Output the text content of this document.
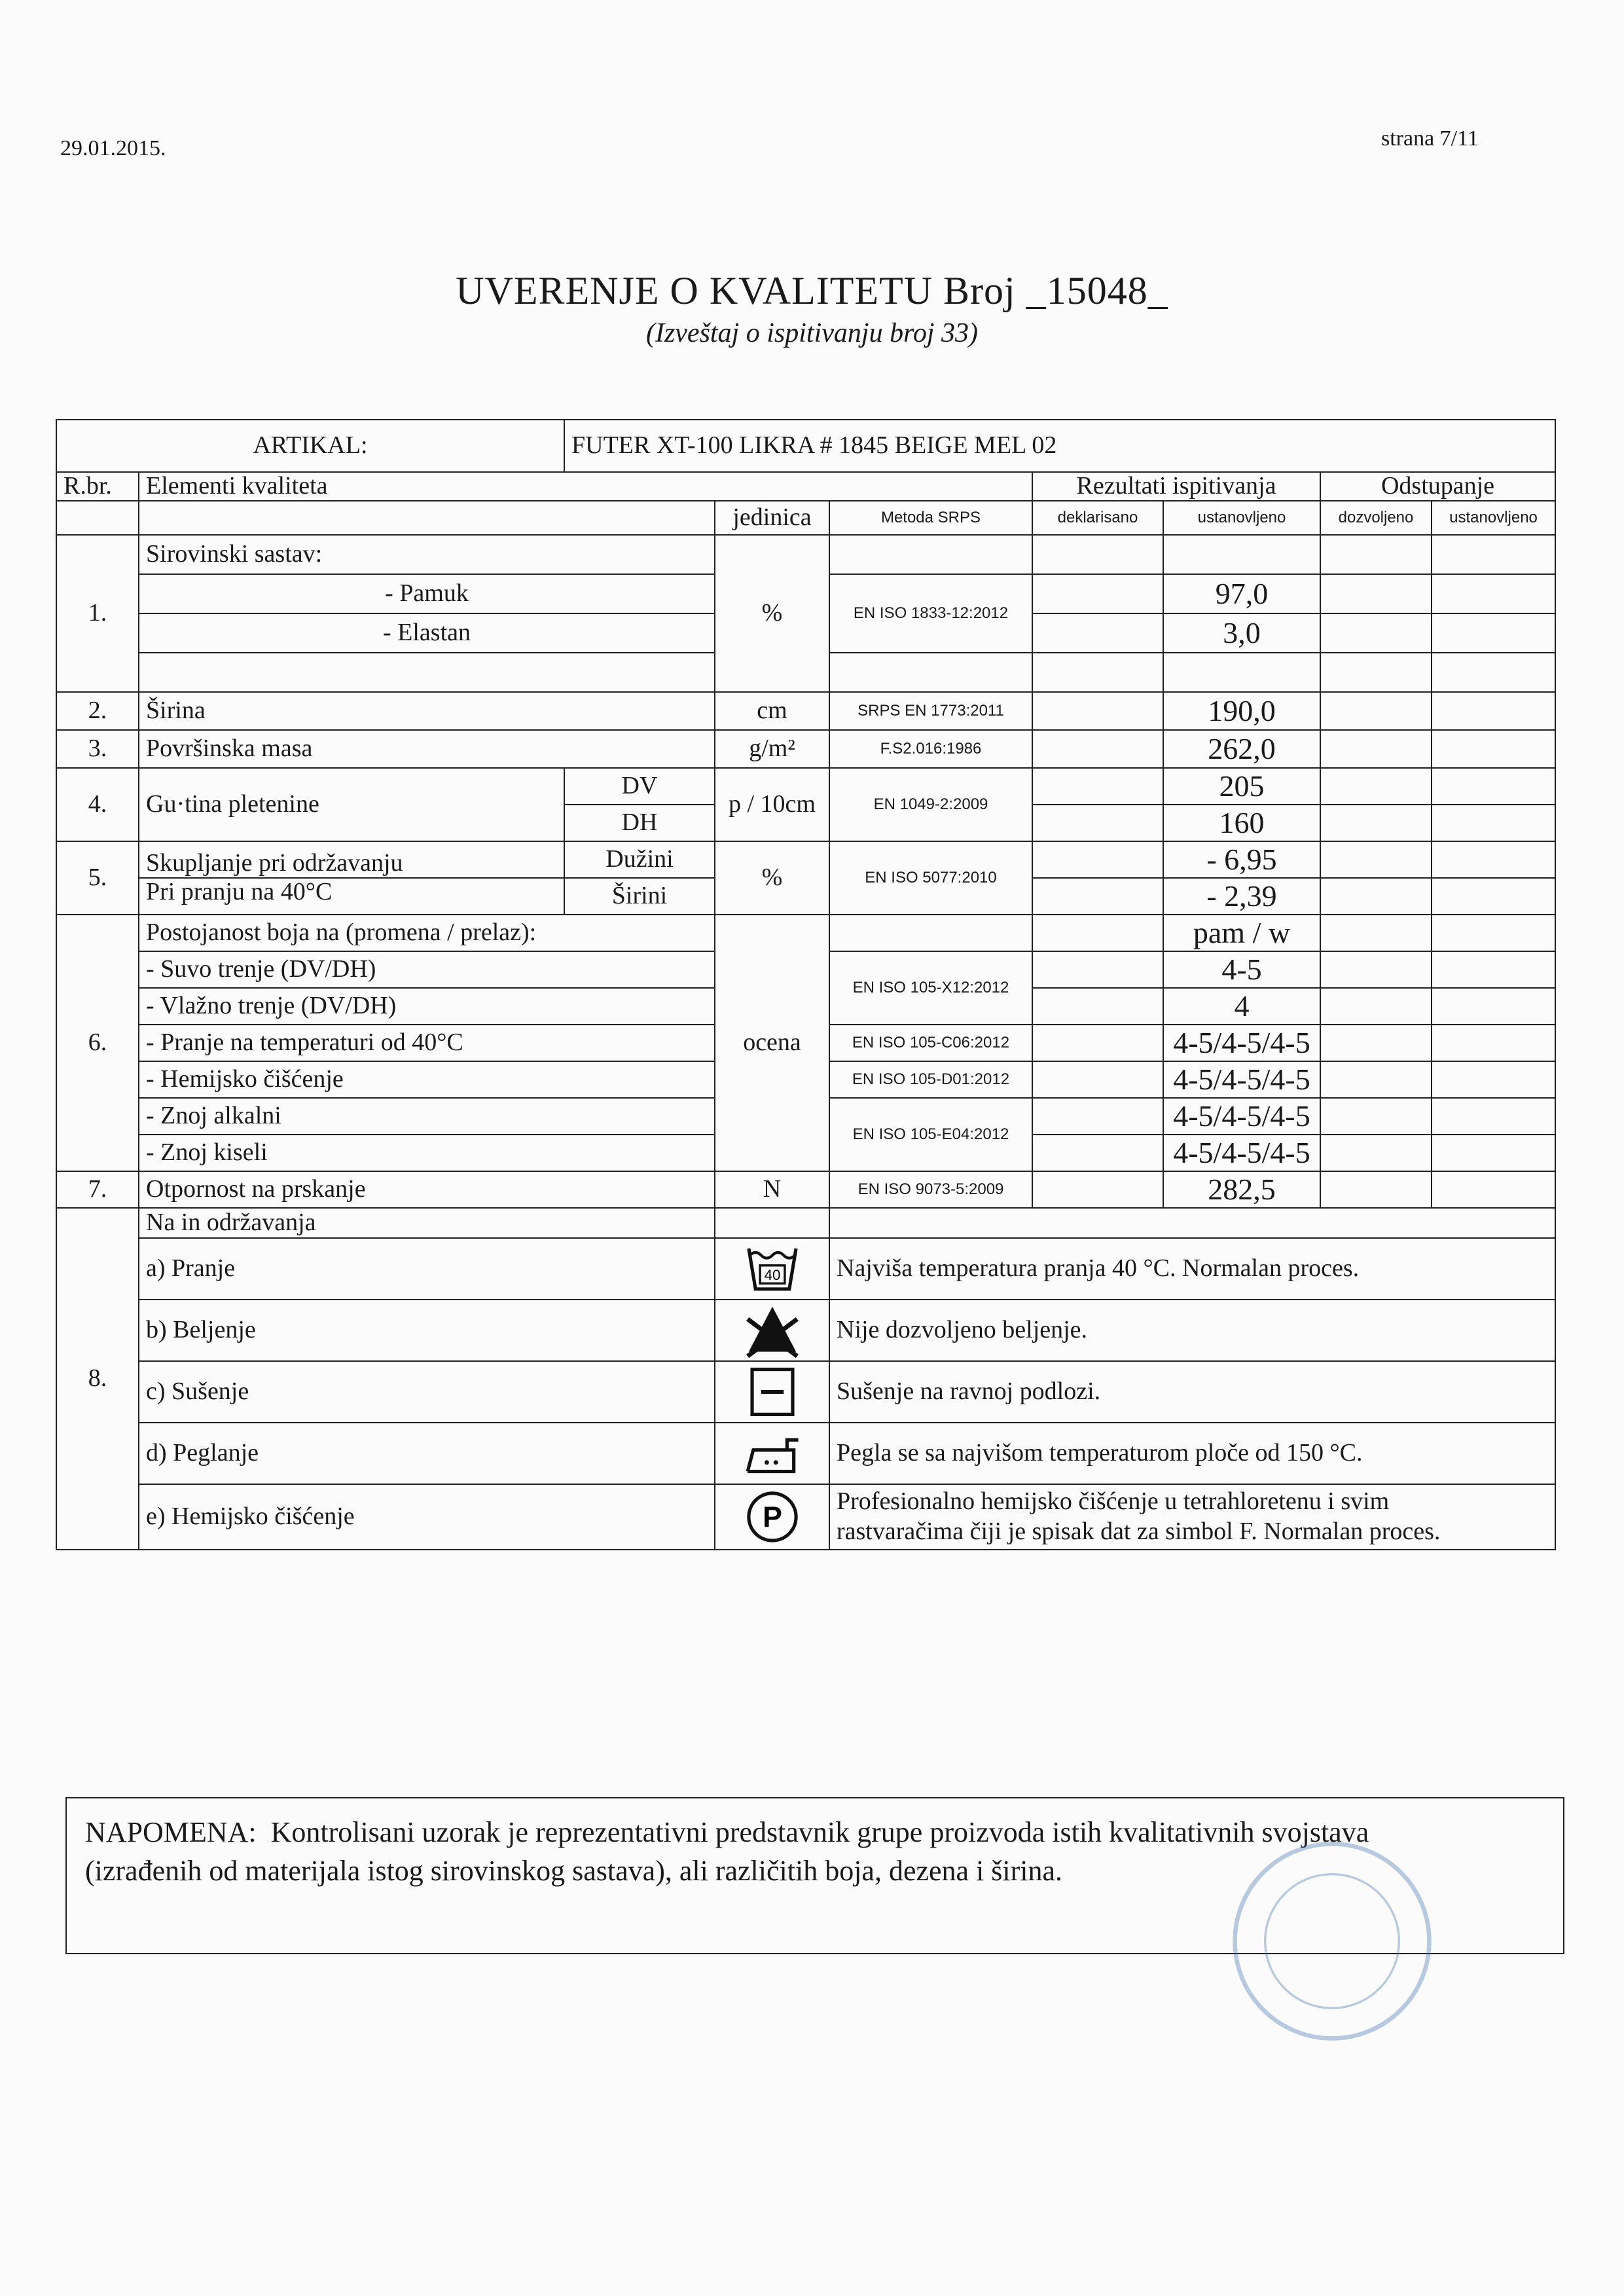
29.01.2015.	strana 7/11
UVERENJE O KVALITETU Broj _15048_
(Izveštaj o ispitivanju broj 33)
ARTIKAL:		FUTER XT-100 LIKRA # 1845 BEIGE MEL 02						
R.br.	Elementi kvaliteta				Rezultati ispitivanja		Odstupanje	
			jedinica	Metoda SRPS	deklarisano	ustanovljeno	dozvoljeno	ustanovljeno
1.	Sirovinski sastav:		%					
	- Pamuk			EN ISO 1833-12:2012		97,0		
	- Elastan					3,0		

2.	Širina		cm	SRPS EN 1773:2011		190,0		
3.	Površinska masa		g/m²	F.S2.016:1986		262,0		
4.	Gu·tina pletenine	DV	p / 10cm	EN 1049-2:2009		205		
		DH				160		
5.	Skupljanje pri održavanju	Dužini	%	EN ISO 5077:2010		- 6,95		
	Pri pranju na 40°C	Širini				- 2,39		
6.	Postojanost boja na (promena / prelaz):		ocena			pam / w		
	- Suvo trenje (DV/DH)			EN ISO 105-X12:2012		4-5		
	- Vlažno trenje (DV/DH)					4		
	- Pranje na temperaturi od 40°C			EN ISO 105-C06:2012		4-5/4-5/4-5		
	- Hemijsko čišćenje			EN ISO 105-D01:2012		4-5/4-5/4-5		
	- Znoj alkalni			EN ISO 105-E04:2012		4-5/4-5/4-5		
	- Znoj kiseli					4-5/4-5/4-5		
7.	Otpornost na prskanje		N	EN ISO 9073-5:2009		282,5		
8.	Na in održavanja							
	a) Pranje		40	Najviša temperatura pranja 40 °C. Normalan proces.				
	b) Beljenje			Nije dozvoljeno beljenje.				
	c) Sušenje			Sušenje na ravnoj podlozi.				
	d) Peglanje			Pegla se sa najvišom temperaturom ploče od 150 °C.				
	e) Hemijsko čišćenje		P	Profesionalno hemijsko čišćenje u tetrahloretenu i svim
rastvaračima čiji je spisak dat za simbol F. Normalan proces.				
NAPOMENA: Kontrolisani uzorak je reprezentativni predstavnik grupe proizvoda istih kvalitativnih svojstava
(izrađenih od materijala istog sirovinskog sastava), ali različitih boja, dezena i širina.
